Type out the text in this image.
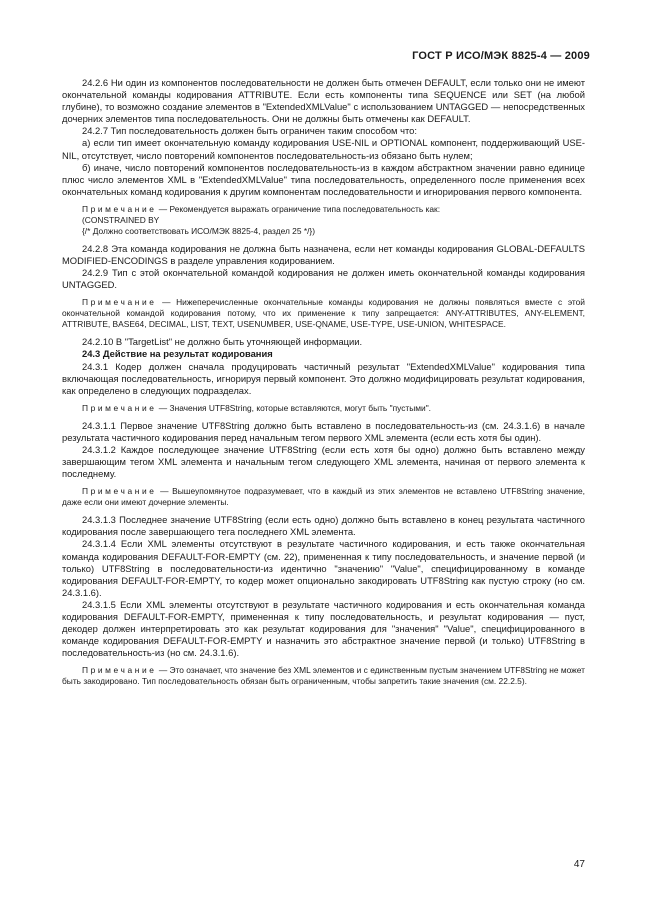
ГОСТ Р ИСО/МЭК 8825-4 — 2009

24.2.6 Ни один из компонентов последовательности не должен быть отмечен DEFAULT, если только они не имеют окончательной команды кодирования ATTRIBUTE. Если есть компоненты типа SEQUENCE или SET (на любой глубине), то возможно создание элементов в "ExtendedXMLValue" с использованием UNTAGGED — непосредственных дочерних элементов типа последовательность. Они не должны быть отмечены как DEFAULT.

24.2.7 Тип последовательность должен быть ограничен таким способом что:

а) если тип имеет окончательную команду кодирования USE-NIL и OPTIONAL компонент, поддерживающий USE-NIL, отсутствует, число повторений компонентов последовательность-из обязано быть нулем;

б) иначе, число повторений компонентов последовательность-из в каждом абстрактном значении равно единице плюс число элементов XML в "ExtendedXMLValue" типа последовательность, определенного после применения всех окончательных команд кодирования к другим компонентам последовательности и игнорирования первого компонента.

Примечание — Рекомендуется выражать ограничение типа последовательность как:

(CONSTRAINED BY

{/* Должно соответствовать ИСО/МЭК 8825-4, раздел 25 */})

24.2.8 Эта команда кодирования не должна быть назначена, если нет команды кодирования GLOBAL-DEFAULTS MODIFIED-ENCODINGS в разделе управления кодированием.

24.2.9 Тип с этой окончательной командой кодирования не должен иметь окончательной команды кодирования UNTAGGED.

Примечание — Нижеперечисленные окончательные команды кодирования не должны появляться вместе с этой окончательной командой кодирования потому, что их применение к типу запрещается: ANY-ATTRIBUTES, ANY-ELEMENT, ATTRIBUTE, BASE64, DECIMAL, LIST, TEXT, USENUMBER, USE-QNAME, USE-TYPE, USE-UNION, WHITESPACE.

24.2.10 В "TargetList" не должно быть уточняющей информации.

24.3 Действие на результат кодирования

24.3.1 Кодер должен сначала продуцировать частичный результат "ExtendedXMLValue" кодирования типа включающая последовательность, игнорируя первый компонент. Это должно модифицировать результат кодирования, как определено в следующих подразделах.

Примечание — Значения UTF8String, которые вставляются, могут быть "пустыми".

24.3.1.1 Первое значение UTF8String должно быть вставлено в последовательность-из (см. 24.3.1.6) в начале результата частичного кодирования перед начальным тегом первого XML элемента (если есть хотя бы один).

24.3.1.2 Каждое последующее значение UTF8String (если есть хотя бы одно) должно быть вставлено между завершающим тегом XML элемента и начальным тегом следующего XML элемента, начиная от первого элемента к последнему.

Примечание — Вышеупомянутое подразумевает, что в каждый из этих элементов не вставлено UTF8String значение, даже если они имеют дочерние элементы.

24.3.1.3 Последнее значение UTF8String (если есть одно) должно быть вставлено в конец результата частичного кодирования после завершающего тега последнего XML элемента.

24.3.1.4 Если XML элементы отсутствуют в результате частичного кодирования, и есть также окончательная команда кодирования DEFAULT-FOR-EMPTY (см. 22), примененная к типу последовательность, и значение первой (и только) UTF8String в последовательности-из идентично "значению" "Value", специфицированному в команде кодирования DEFAULT-FOR-EMPTY, то кодер может опционально закодировать UTF8String как пустую строку (но см. 24.3.1.6).

24.3.1.5 Если XML элементы отсутствуют в результате частичного кодирования и есть окончательная команда кодирования DEFAULT-FOR-EMPTY, примененная к типу последовательность, и результат кодирования — пуст, декодер должен интерпретировать это как результат кодирования для "значения" "Value", специфицированного в команде кодирования DEFAULT-FOR-EMPTY и назначить это абстрактное значение первой (и только) UTF8String в последовательность-из (но см. 24.3.1.6).

Примечание — Это означает, что значение без XML элементов и с единственным пустым значением UTF8String не может быть закодировано. Тип последовательность обязан быть ограниченным, чтобы запретить такие значения (см. 22.2.5).

47
